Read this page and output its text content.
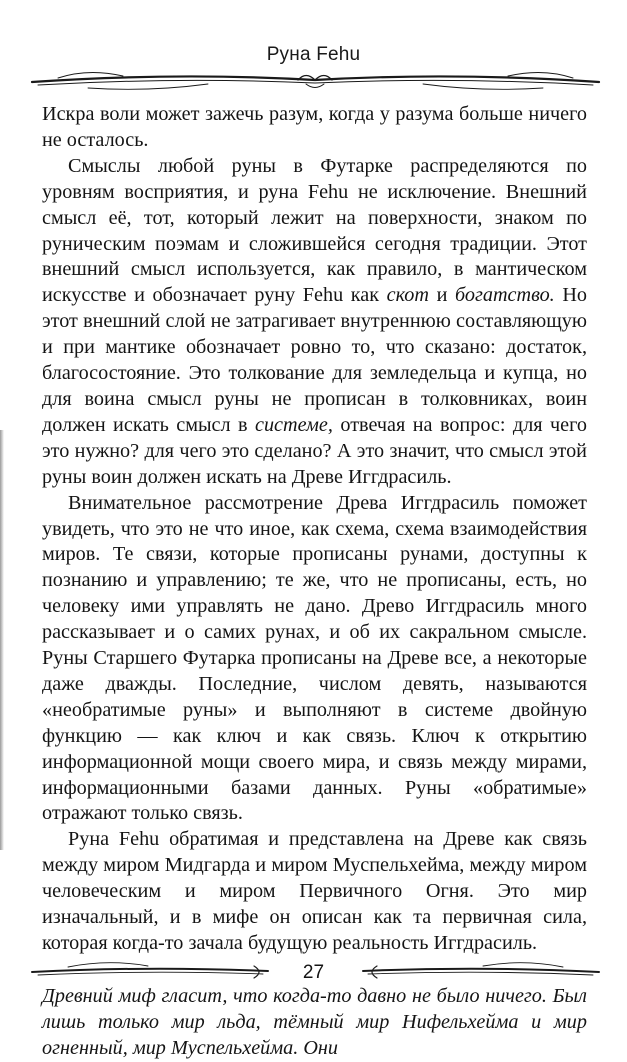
Руна Fehu

Искра воли может зажечь разум, когда у разума больше ничего не осталось.

Смыслы любой руны в Футарке распределяются по уровням восприятия, и руна Fehu не исключение. Внешний смысл её, тот, который лежит на поверхности, знаком по руническим поэмам и сложившейся сегодня традиции. Этот внешний смысл используется, как правило, в мантическом искусстве и обозначает руну Fehu как скот и богатство. Но этот внешний слой не затрагивает внутреннюю составляющую и при мантике обозначает ровно то, что сказано: достаток, благосостояние. Это толкование для земледельца и купца, но для воина смысл руны не прописан в толковниках, воин должен искать смысл в системе, отвечая на вопрос: для чего это нужно? для чего это сделано? А это значит, что смысл этой руны воин должен искать на Древе Иггдрасиль.

Внимательное рассмотрение Древа Иггдрасиль поможет увидеть, что это не что иное, как схема, схема взаимодействия миров. Те связи, которые прописаны рунами, доступны к познанию и управлению; те же, что не прописаны, есть, но человеку ими управлять не дано. Древо Иггдрасиль много рассказывает и о самих рунах, и об их сакральном смысле. Руны Старшего Футарка прописаны на Древе все, а некоторые даже дважды. Последние, числом девять, называются «необратимые руны» и выполняют в системе двойную функцию — как ключ и как связь. Ключ к открытию информационной мощи своего мира, и связь между мирами, информационными базами данных. Руны «обратимые» отражают только связь.

Руна Fehu обратимая и представлена на Древе как связь между миром Мидгарда и миром Муспельхейма, между миром человеческим и миром Первичного Огня. Это мир изначальный, и в мифе он описан как та первичная сила, которая когда-то зачала будущую реальность Иггдрасиль.

Древний миф гласит, что когда-то давно не было ничего. Был лишь только мир льда, тёмный мир Нифельхейма и мир огненный, мир Муспельхейма. Они

27
